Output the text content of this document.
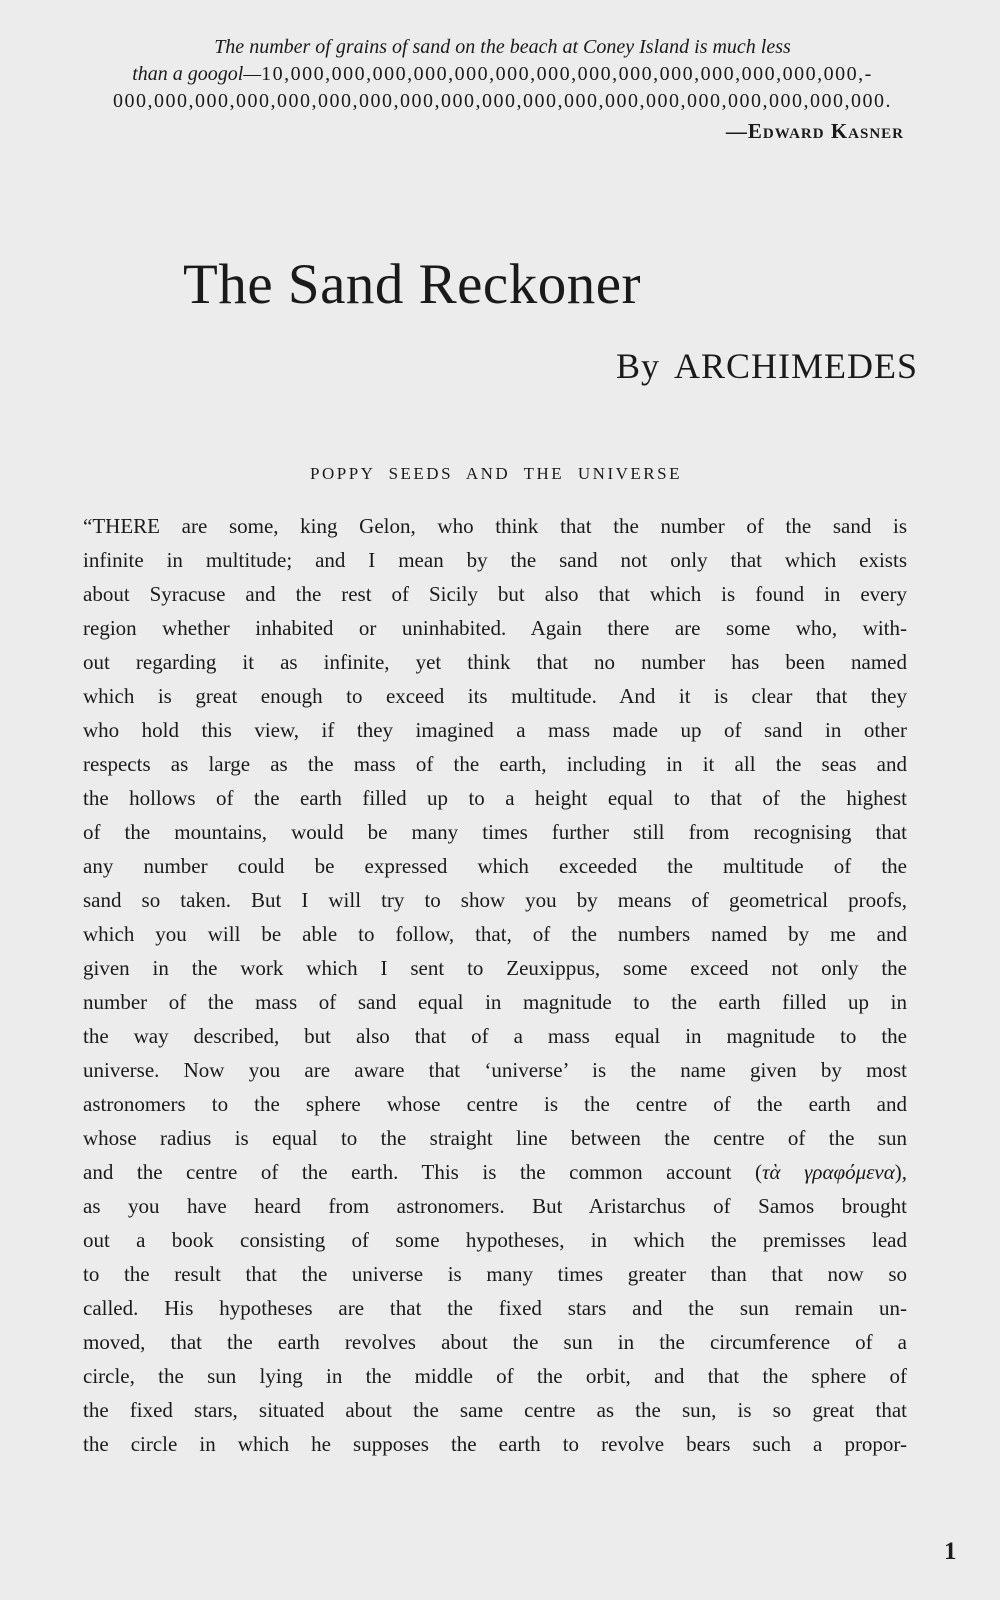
The number of grains of sand on the beach at Coney Island is much less
than a googol—10,000,000,000,000,000,000,000,000,000,000,000,000,000,000,-
000,000,000,000,000,000,000,000,000,000,000,000,000,000,000,000,000,000,000.
—Edward Kasner
The Sand Reckoner
By ARCHIMEDES
POPPY SEEDS AND THE UNIVERSE
“THERE are some, king Gelon, who think that the number of the sand is
infinite in multitude; and I mean by the sand not only that which exists
about Syracuse and the rest of Sicily but also that which is found in every
region whether inhabited or uninhabited. Again there are some who, with-
out regarding it as infinite, yet think that no number has been named
which is great enough to exceed its multitude. And it is clear that they
who hold this view, if they imagined a mass made up of sand in other
respects as large as the mass of the earth, including in it all the seas and
the hollows of the earth filled up to a height equal to that of the highest
of the mountains, would be many times further still from recognising that
any number could be expressed which exceeded the multitude of the
sand so taken. But I will try to show you by means of geometrical proofs,
which you will be able to follow, that, of the numbers named by me and
given in the work which I sent to Zeuxippus, some exceed not only the
number of the mass of sand equal in magnitude to the earth filled up in
the way described, but also that of a mass equal in magnitude to the
universe. Now you are aware that ‘universe’ is the name given by most
astronomers to the sphere whose centre is the centre of the earth and
whose radius is equal to the straight line between the centre of the sun
and the centre of the earth. This is the common account (τὰ γραφόμενα),
as you have heard from astronomers. But Aristarchus of Samos brought
out a book consisting of some hypotheses, in which the premisses lead
to the result that the universe is many times greater than that now so
called. His hypotheses are that the fixed stars and the sun remain un-
moved, that the earth revolves about the sun in the circumference of a
circle, the sun lying in the middle of the orbit, and that the sphere of
the fixed stars, situated about the same centre as the sun, is so great that
the circle in which he supposes the earth to revolve bears such a propor-
1
